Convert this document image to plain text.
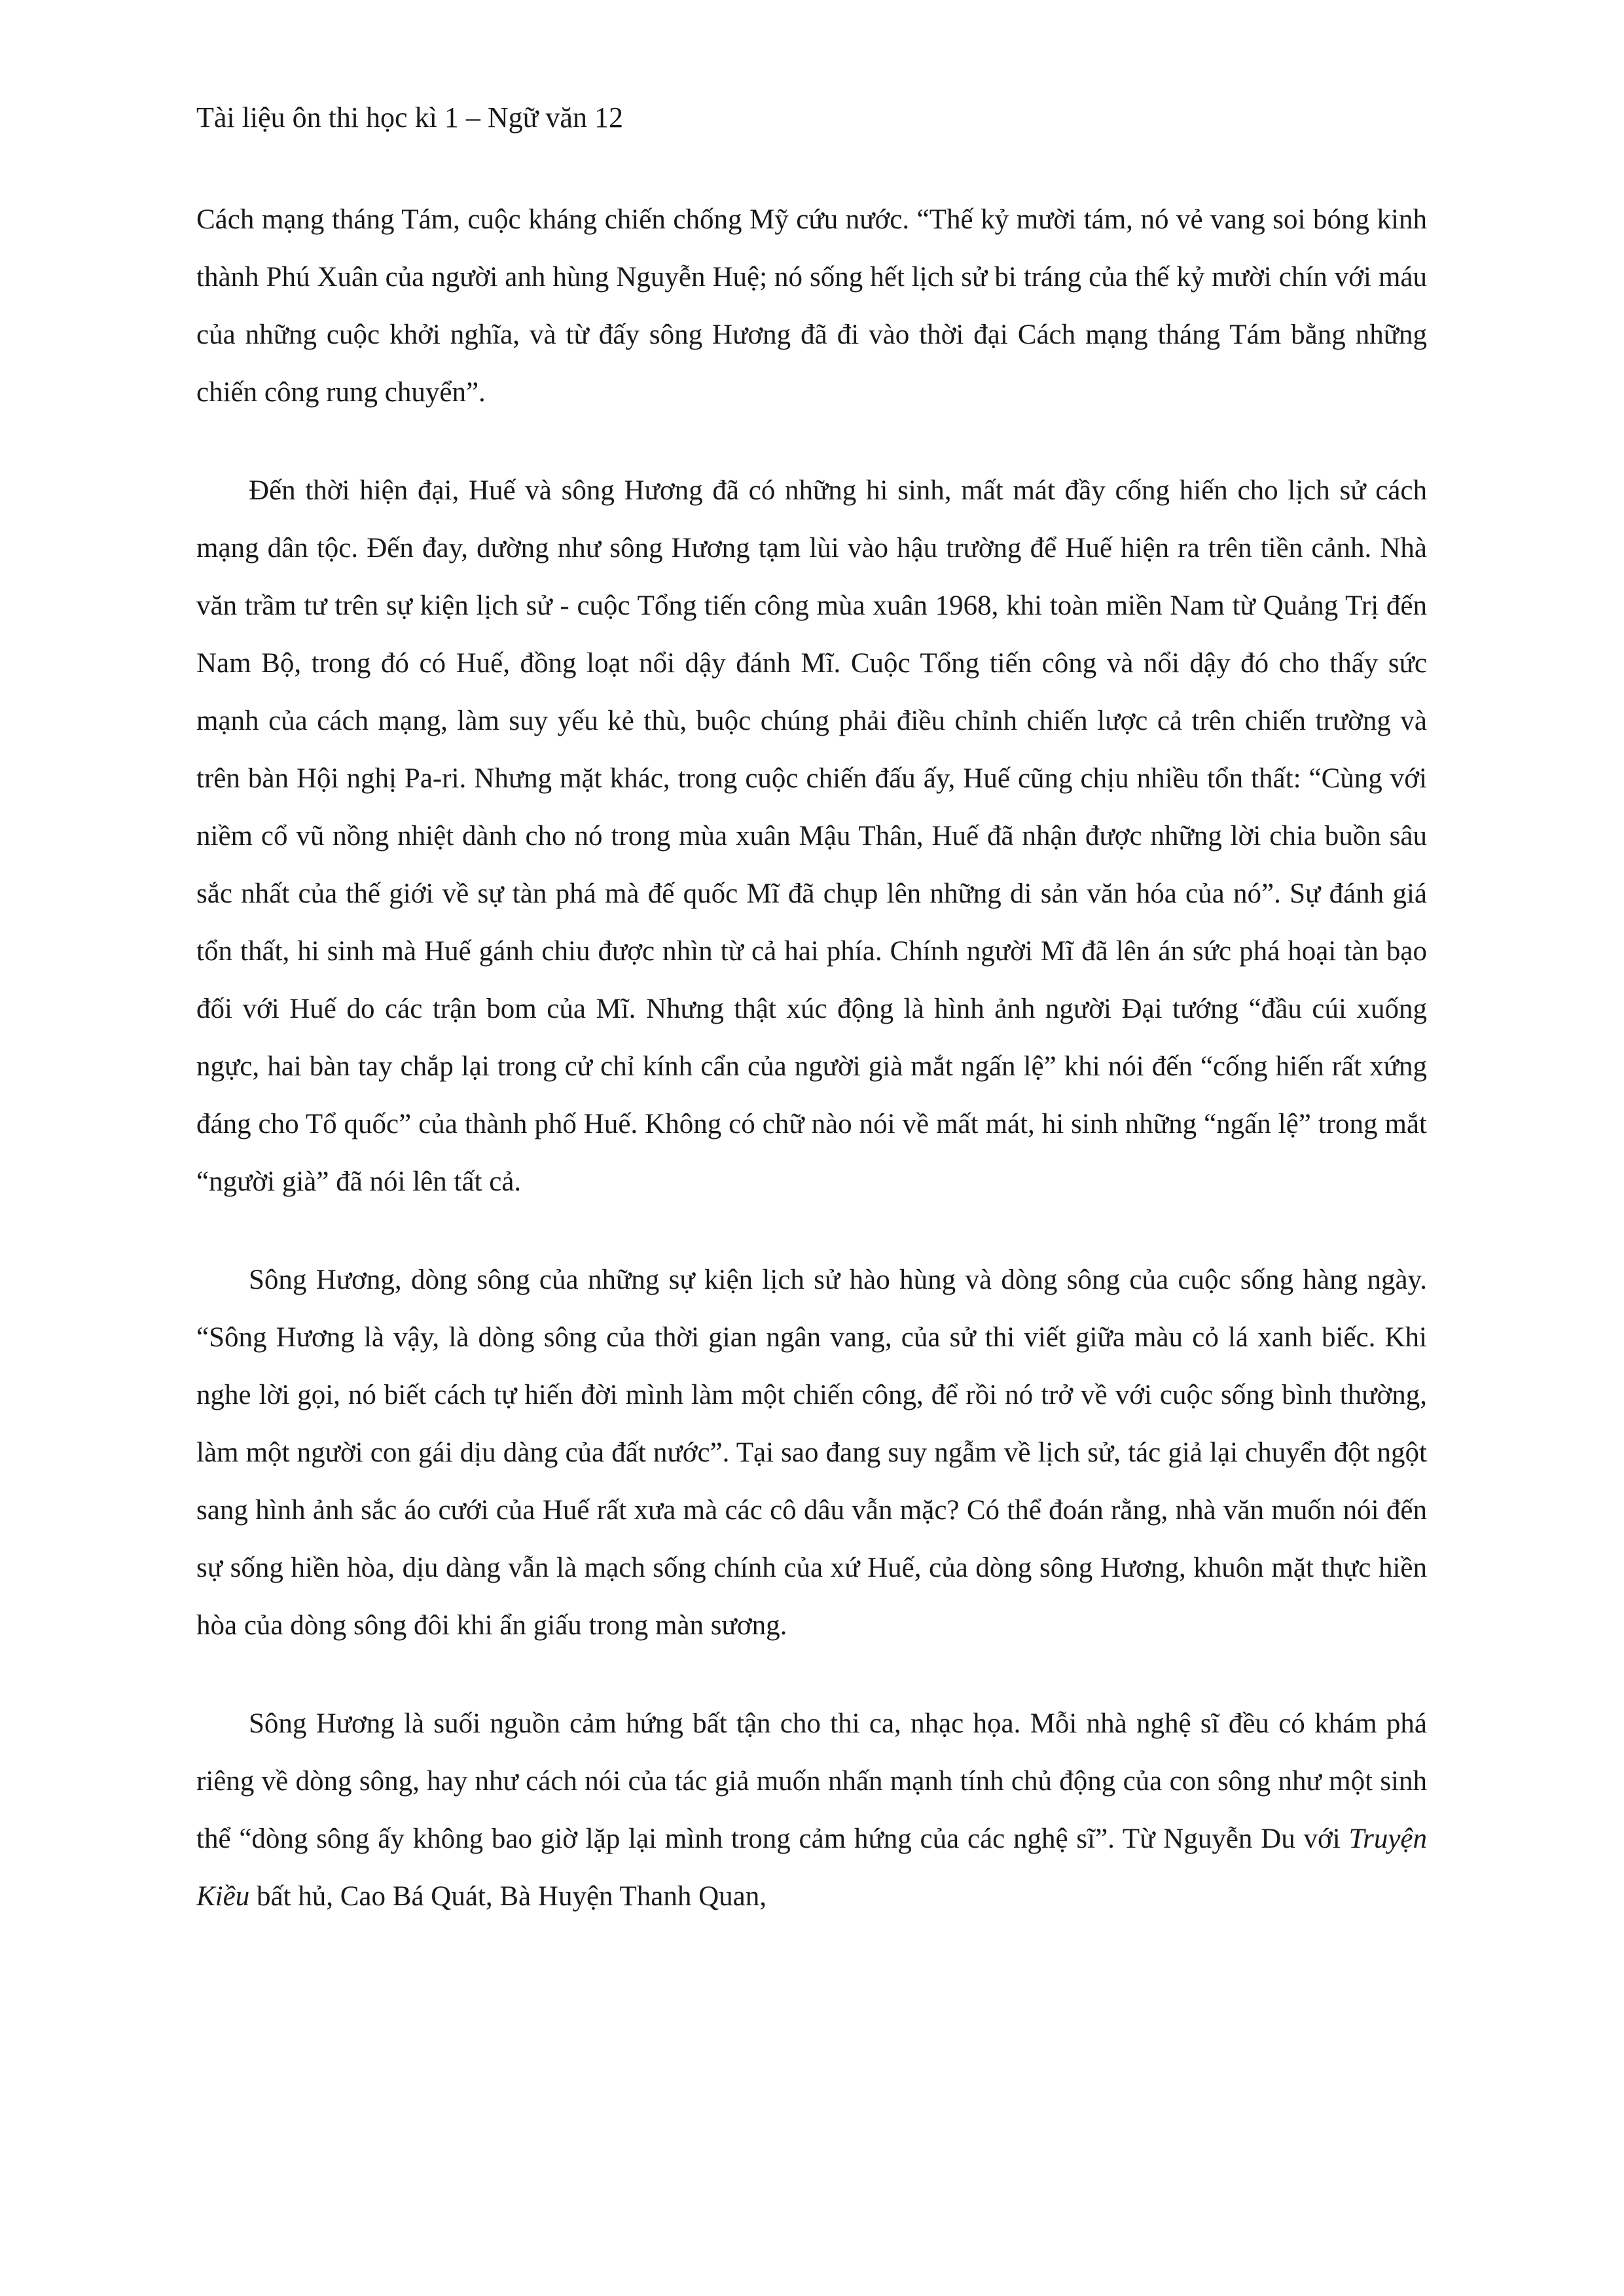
Tài liệu ôn thi học kì 1 – Ngữ văn 12

Cách mạng tháng Tám, cuộc kháng chiến chống Mỹ cứu nước. “Thế kỷ mười tám, nó vẻ vang soi bóng kinh thành Phú Xuân của người anh hùng Nguyễn Huệ; nó sống hết lịch sử bi tráng của thế kỷ mười chín với máu của những cuộc khởi nghĩa, và từ đấy sông Hương đã đi vào thời đại Cách mạng tháng Tám bằng những chiến công rung chuyển”.

Đến thời hiện đại, Huế và sông Hương đã có những hi sinh, mất mát đầy cống hiến cho lịch sử cách mạng dân tộc. Đến đay, dường như sông Hương tạm lùi vào hậu trường để Huế hiện ra trên tiền cảnh. Nhà văn trầm tư trên sự kiện lịch sử - cuộc Tổng tiến công mùa xuân 1968, khi toàn miền Nam từ Quảng Trị đến Nam Bộ, trong đó có Huế, đồng loạt nổi dậy đánh Mĩ. Cuộc Tổng tiến công và nổi dậy đó cho thấy sức mạnh của cách mạng, làm suy yếu kẻ thù, buộc chúng phải điều chỉnh chiến lược cả trên chiến trường và trên bàn Hội nghị Pa-ri. Nhưng mặt khác, trong cuộc chiến đấu ấy, Huế cũng chịu nhiều tổn thất: “Cùng với niềm cổ vũ nồng nhiệt dành cho nó trong mùa xuân Mậu Thân, Huế đã nhận được những lời chia buồn sâu sắc nhất của thế giới về sự tàn phá mà đế quốc Mĩ đã chụp lên những di sản văn hóa của nó”. Sự đánh giá tổn thất, hi sinh mà Huế gánh chiu được nhìn từ cả hai phía. Chính người Mĩ đã lên án sức phá hoại tàn bạo đối với Huế do các trận bom của Mĩ. Nhưng thật xúc động là hình ảnh người Đại tướng “đầu cúi xuống ngực, hai bàn tay chắp lại trong cử chỉ kính cẩn của người già mắt ngấn lệ” khi nói đến “cống hiến rất xứng đáng cho Tổ quốc” của thành phố Huế. Không có chữ nào nói về mất mát, hi sinh những “ngấn lệ” trong mắt “người già” đã nói lên tất cả.

Sông Hương, dòng sông của những sự kiện lịch sử hào hùng và dòng sông của cuộc sống hàng ngày. “Sông Hương là vậy, là dòng sông của thời gian ngân vang, của sử thi viết giữa màu cỏ lá xanh biếc. Khi nghe lời gọi, nó biết cách tự hiến đời mình làm một chiến công, để rồi nó trở về với cuộc sống bình thường, làm một người con gái dịu dàng của đất nước”. Tại sao đang suy ngẫm về lịch sử, tác giả lại chuyển đột ngột sang hình ảnh sắc áo cưới của Huế rất xưa mà các cô dâu vẫn mặc? Có thể đoán rằng, nhà văn muốn nói đến sự sống hiền hòa, dịu dàng vẫn là mạch sống chính của xứ Huế, của dòng sông Hương, khuôn mặt thực hiền hòa của dòng sông đôi khi ẩn giấu trong màn sương.

Sông Hương là suối nguồn cảm hứng bất tận cho thi ca, nhạc họa. Mỗi nhà nghệ sĩ đều có khám phá riêng về dòng sông, hay như cách nói của tác giả muốn nhấn mạnh tính chủ động của con sông như một sinh thể “dòng sông ấy không bao giờ lặp lại mình trong cảm hứng của các nghệ sĩ”. Từ Nguyễn Du với Truyện Kiều bất hủ, Cao Bá Quát, Bà Huyện Thanh Quan,
